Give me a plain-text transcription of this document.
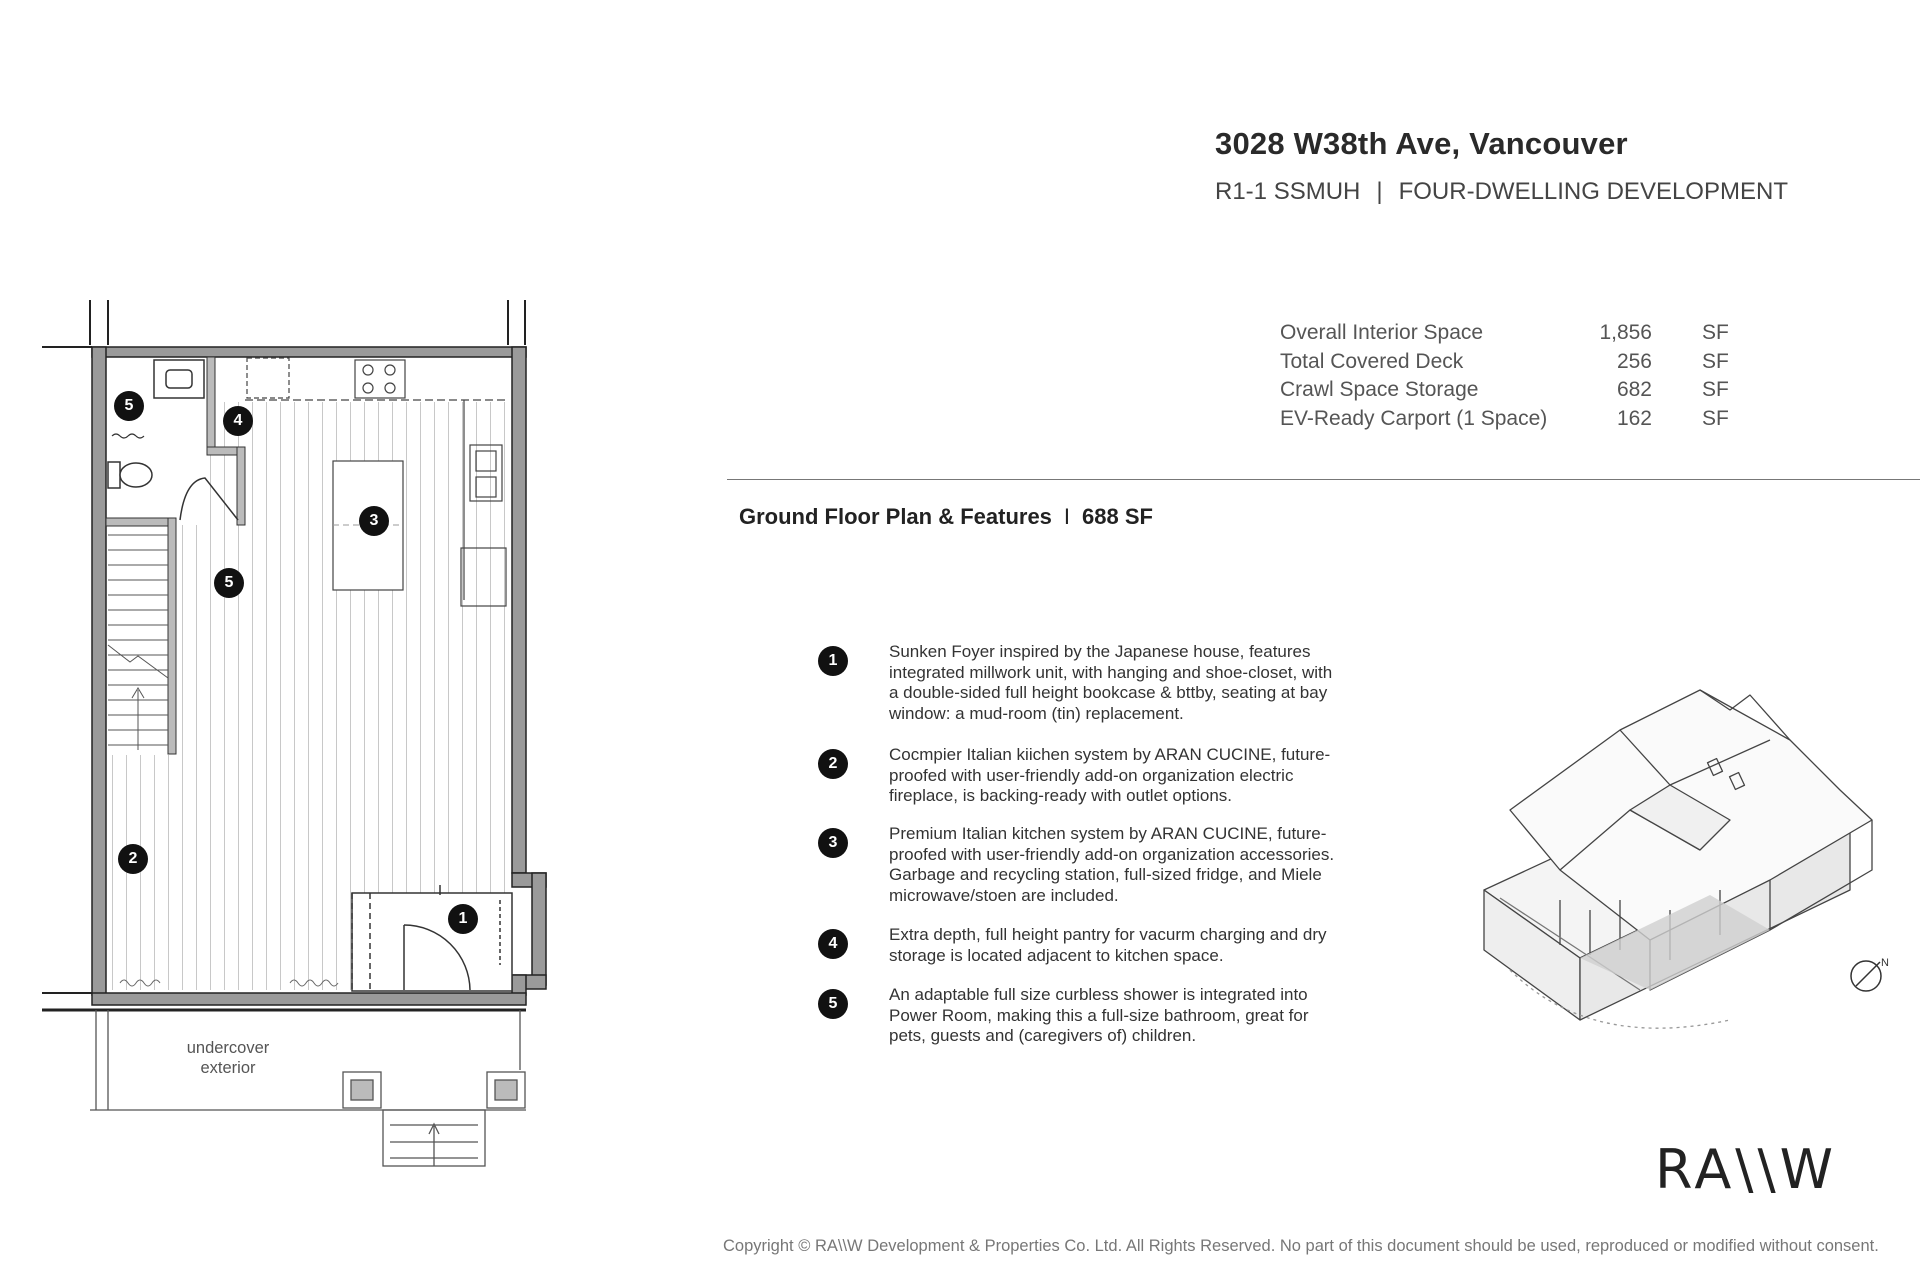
3028 W38th Ave, Vancouver
R1-1 SSMUH | FOUR-DWELLING DEVELOPMENT
Overall Interior Space	1,856 SF
Total Covered Deck	256 SF
Crawl Space Storage	682 SF
EV-Ready Carport (1 Space)	162 SF
Ground Floor Plan & Features I 688 SF
1	Sunken Foyer inspired by the Japanese house, features integrated millwork unit, with hanging and shoe-closet, with a double-sided full height bookcase & bttby, seating at bay window: a mud-room (tin) replacement.
2	Cocmpier Italian kiichen system by ARAN CUCINE, future-proofed with user-friendly add-on organization electric fireplace, is backing-ready with outlet options.
3	Premium Italian kitchen system by ARAN CUCINE, future-proofed with user-friendly add-on organization accessories. Garbage and recycling station, full-sized fridge, and Miele microwave/stoen are included.
4	Extra depth, full height pantry for vacurm charging and dry storage is located adjacent to kitchen space.
5	An adaptable full size curbless shower is integrated into Power Room, making this a full-size bathroom, great for pets, guests and (caregivers of) children.
5
4
3
5
2
1
undercover
exterior
N
RA\\W
Copyright © RA\\W Development & Properties Co. Ltd. All Rights Reserved. No part of this document should be used, reproduced or modified without consent.
